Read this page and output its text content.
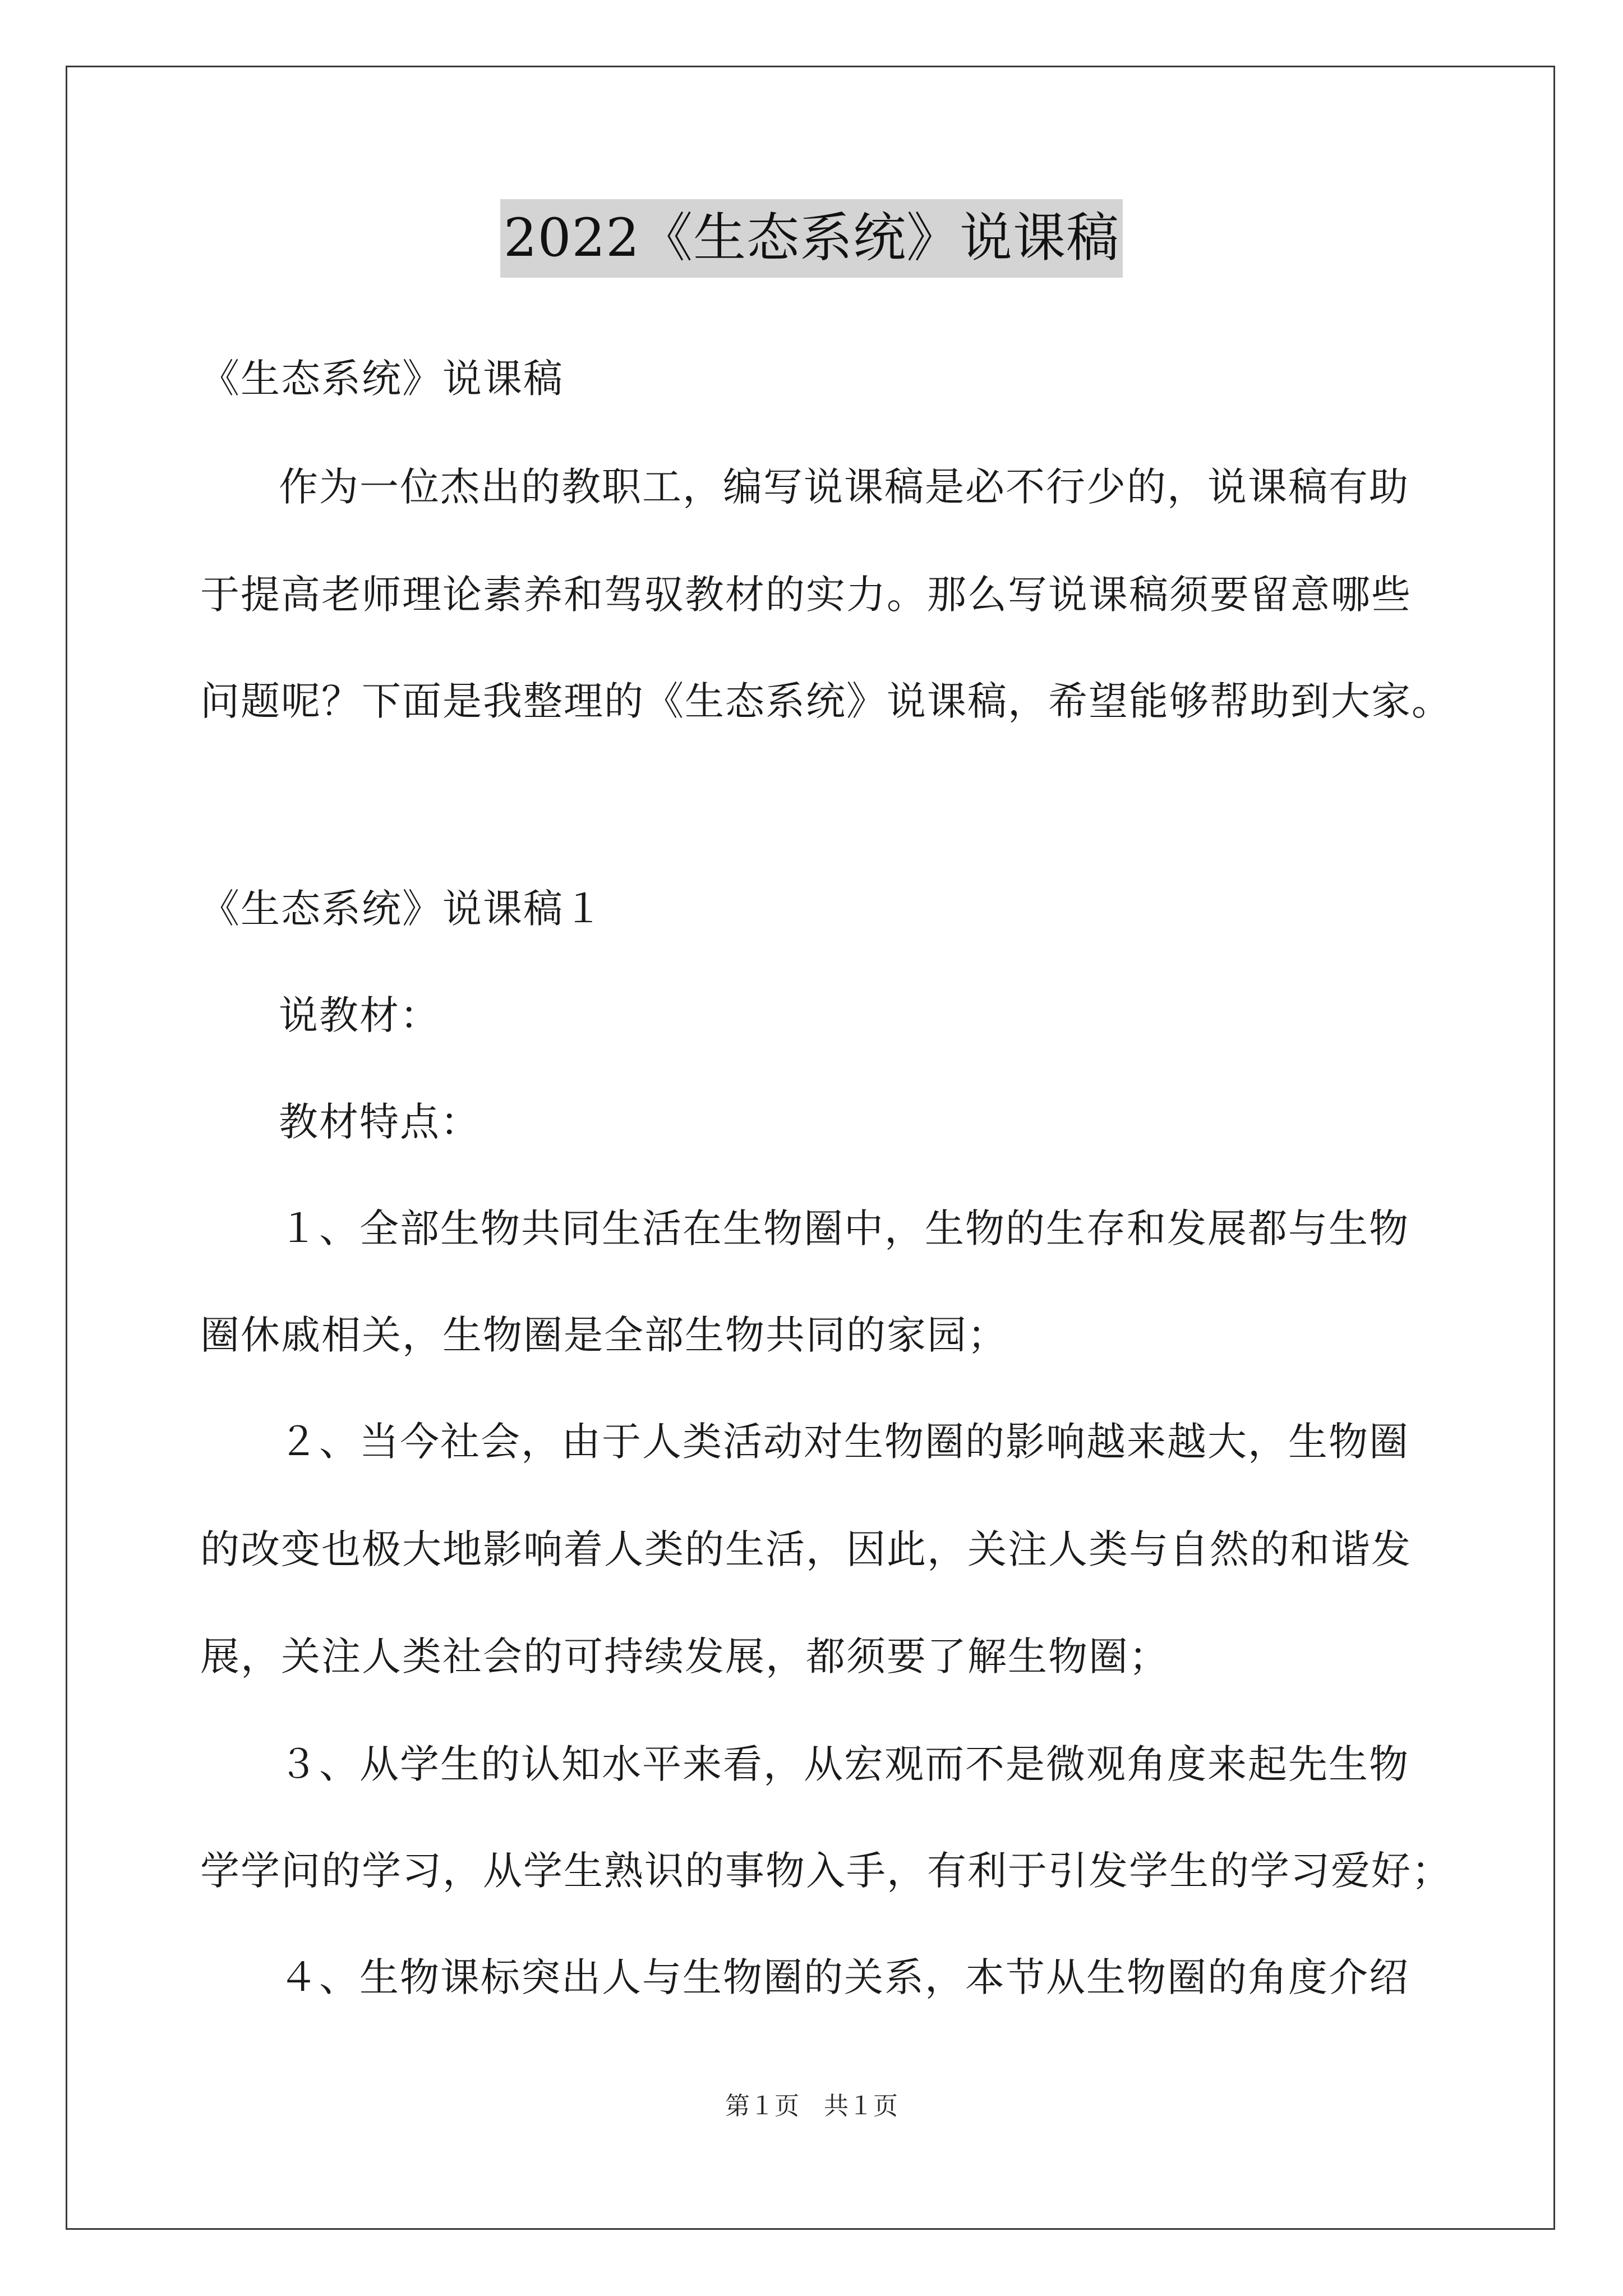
2022《生态系统》说课稿
《生态系统》说课稿
作为一位杰出的教职工，编写说课稿是必不行少的，说课稿有助
于提高老师理论素养和驾驭教材的实力。那么写说课稿须要留意哪些
问题呢？下面是我整理的《生态系统》说课稿，希望能够帮助到大家。
《生态系统》说课稿１
说教材：
教材特点：
１、全部生物共同生活在生物圈中，生物的生存和发展都与生物
圈休戚相关，生物圈是全部生物共同的家园；
２、当今社会，由于人类活动对生物圈的影响越来越大，生物圈
的改变也极大地影响着人类的生活，因此，关注人类与自然的和谐发
展，关注人类社会的可持续发展，都须要了解生物圈；
３、从学生的认知水平来看，从宏观而不是微观角度来起先生物
学学问的学习，从学生熟识的事物入手，有利于引发学生的学习爱好；
４、生物课标突出人与生物圈的关系，本节从生物圈的角度介绍
第１页　共１页
